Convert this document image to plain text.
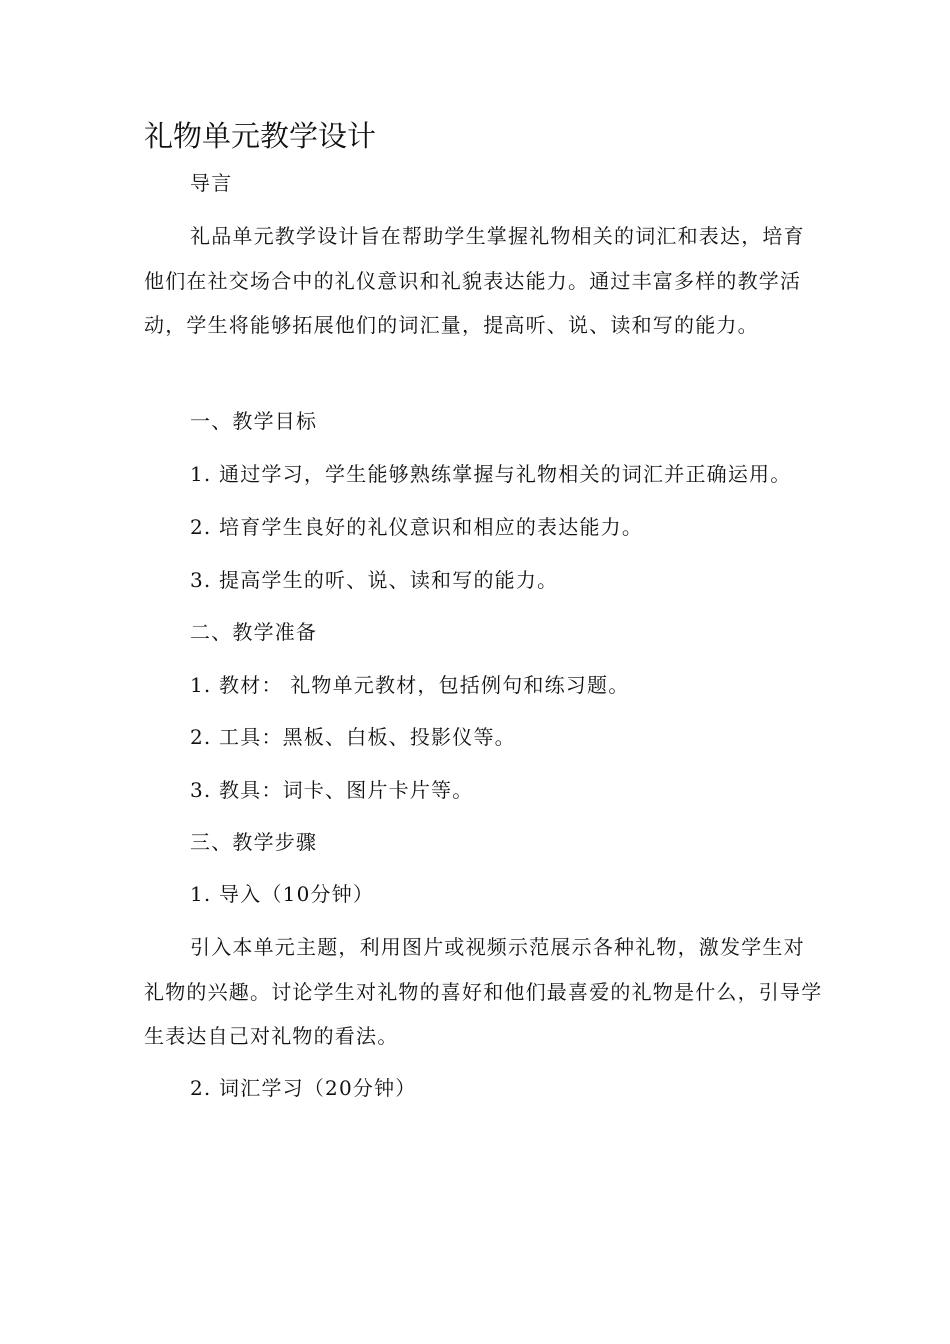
礼物单元教学设计

导言

礼品单元教学设计旨在帮助学生掌握礼物相关的词汇和表达，培育他们在社交场合中的礼仪意识和礼貌表达能力。通过丰富多样的教学活动，学生将能够拓展他们的词汇量，提高听、说、读和写的能力。

一、教学目标

1. 通过学习，学生能够熟练掌握与礼物相关的词汇并正确运用。

2. 培育学生良好的礼仪意识和相应的表达能力。

3. 提高学生的听、说、读和写的能力。

二、教学准备

1. 教材： 礼物单元教材，包括例句和练习题。

2. 工具：黑板、白板、投影仪等。

3. 教具：词卡、图片卡片等。

三、教学步骤

1. 导入（10分钟）

引入本单元主题，利用图片或视频示范展示各种礼物，激发学生对礼物的兴趣。讨论学生对礼物的喜好和他们最喜爱的礼物是什么，引导学生表达自己对礼物的看法。

2. 词汇学习（20分钟）
